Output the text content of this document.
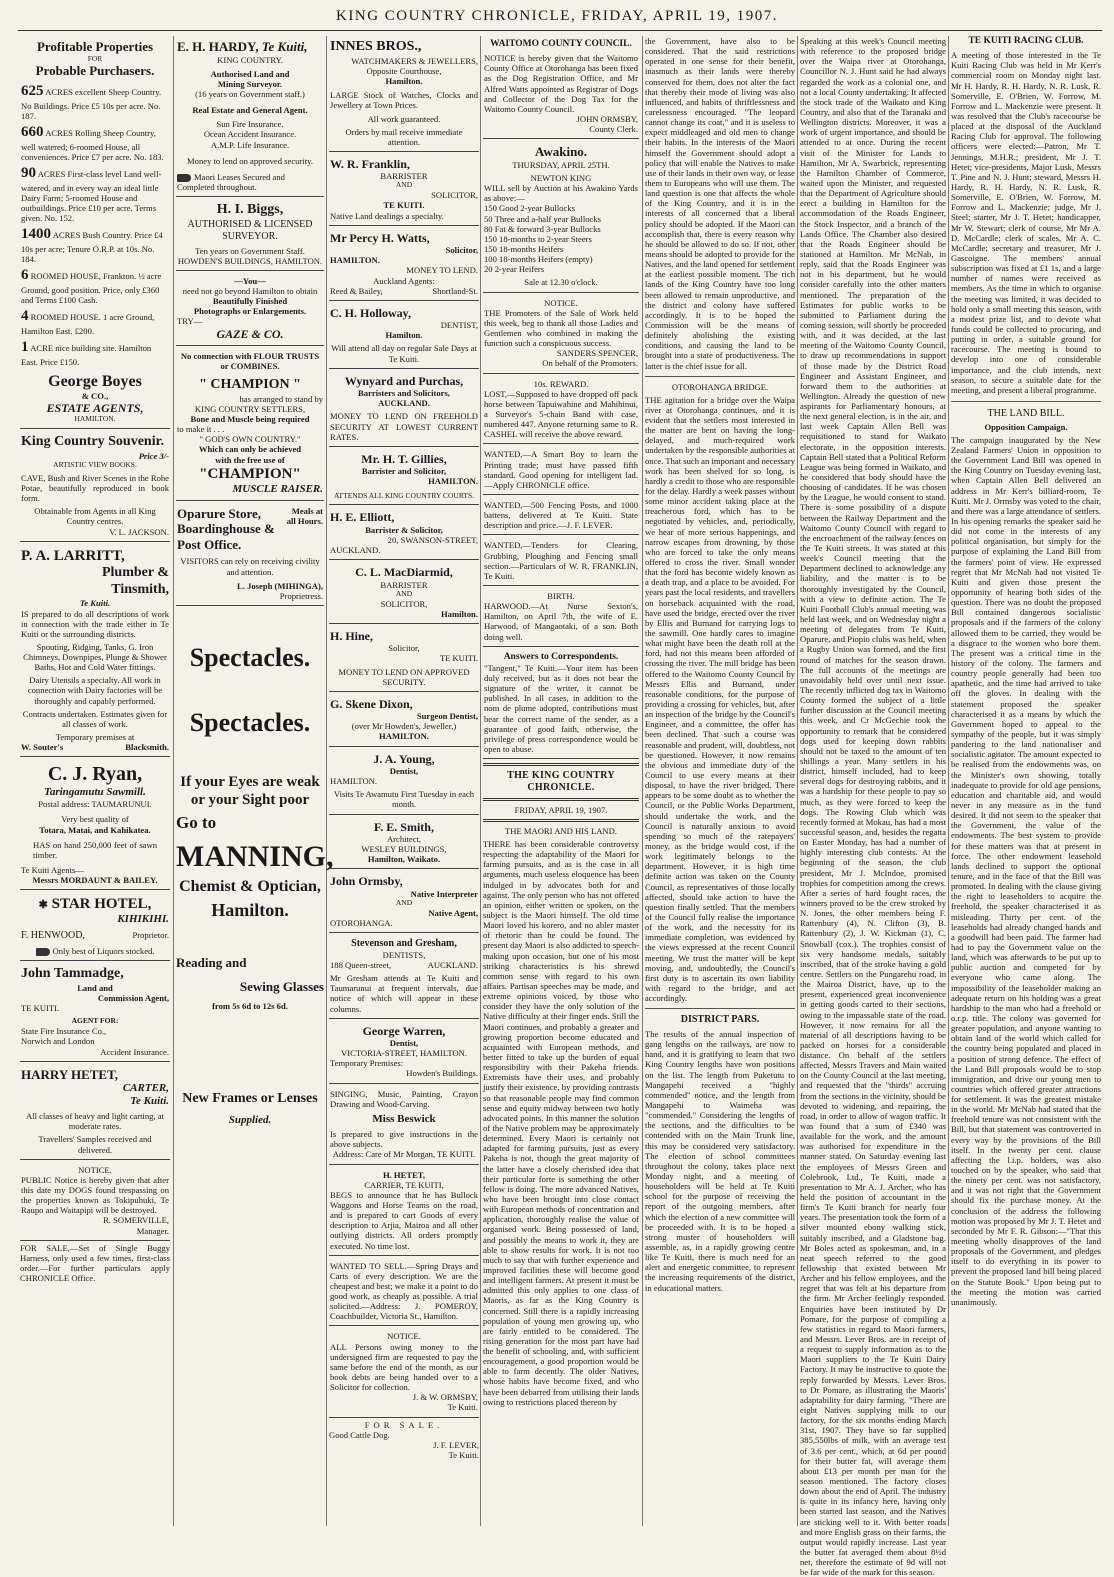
KING COUNTRY CHRONICLE, FRIDAY, APRIL 19, 1907.
Profitable Properties
FOR
Probable Purchasers.
625 ACRES excellent Sheep Country. No Buildings. Price £5 10s per acre. No. 187.
660 ACRES Rolling Sheep Country, well watered; 6-roomed House, all conveniences. Price £7 per acre. No. 183.
90 ACRES First-class level Land well-watered, and in every way an ideal little Dairy Farm; 5-roomed House and outbuildings. Price £10 per acre. Terms given. No. 152.
1400 ACRES Bush Country. Price £4 10s per acre; Tenure O.R.P. at 10s. No. 184.
6 ROOMED HOUSE, Frankton. ½ acre Ground, good position. Price, only £360 and Terms £100 Cash.
4 ROOMED HOUSE. 1 acre Ground, Hamilton East. £200.
1 ACRE nice building site. Hamilton East. Price £150.
George Boyes
& CO.,
ESTATE AGENTS,
HAMILTON.
King Country Souvenir.
Price 3/-
ARTISTIC VIEW BOOKS.
CAVE, Bush and River Scenes in the Rohe Potae, beautifully reproduced in book form.
Obtainable from Agents in all King Country centres.
V. L. JACKSON.
P. A. LARRITT,
Plumber &
Tinsmith,
Te Kuiti.
IS prepared to do all descriptions of work in connection with the trade either in Te Kuiti or the surrounding districts.
Spouting, Ridging, Tanks, G. Iron Chimneys, Downpipes, Plunge & Shower Baths, Hot and Cold Water fittings.
Dairy Utensils a specialty. All work in connection with Dairy factories will be thoroughly and capably performed.
Contracts undertaken. Estimates given for all classes of work.
Temporary premises at
W. Souter's	Blacksmith.
C. J. Ryan,
Taringamutu Sawmill.
Postal address: TAUMARUNUI.
Very best quality of
Totara, Matai, and Kahikatea.
HAS on hand 250,000 feet of sawn timber.
Te Kuiti Agents—
Messrs MORDAUNT & BAILEY.
✱ STAR HOTEL,
KIHIKIHI.
F. HENWOOD,	Proprietor.
Only best of Liquors stocked.
John Tammadge,
Land and
Commission Agent,
TE KUITI.
AGENT FOR:
State Fire Insurance Co.,
Norwich and London
Accident Insurance.
HARRY HETET,
CARTER,
Te Kuiti.
All classes of heavy and light carting, at moderate rates.
Travellers' Samples received and delivered.
NOTICE.
PUBLIC Notice is hereby given that after this date my DOGS found trespassing on the properties known as Tokipuhuki, Te Raupo and Waitapipi will be destroyed.
R. SOMERVILLE,
Manager.
FOR SALE,—Set of Single Buggy Harness, only used a few times, first-class order.—For further particulars apply CHRONICLE Office.
E. H. HARDY, Te Kuiti,
KING COUNTRY.
Authorised Land and
Mining Surveyor.
(16 years on Government staff.)
Real Estate and General Agent.
Sun Fire Insurance.
Ocean Accident Insurance.
A.M.P. Life Insurance.
Money to lend on approved security.
Maori Leases Secured and Completed throughout.
H. I. Biggs,
AUTHORISED & LICENSED SURVEYOR.
Ten years on Government Staff.
HOWDEN'S BUILDINGS, HAMILTON.
—You—
need not go beyond Hamilton to obtain
Beautifully Finished
Photographs or Enlargements.
TRY—
GAZE & CO.
No connection with FLOUR TRUSTS or COMBINES.
" CHAMPION "
has arranged to stand by
KING COUNTRY SETTLERS,
Bone and Muscle being required
to make it . . .
" GOD'S OWN COUNTRY."
Which can only be achieved
with the free use of
"CHAMPION"
MUSCLE RAISER.
Oparure Store, Boardinghouse & Post Office.
Meals at all Hours.
VISITORS can rely on receiving civility and attention.
L. Joseph (MIHINGA),
Proprietress.
Spectacles.
Spectacles.
If your Eyes are weak or your Sight poor
Go to
MANNING,
Chemist & Optician,
Hamilton.
Reading and
Sewing Glasses
from 5s 6d to 12s 6d.
New Frames or Lenses
Supplied.
INNES BROS.,
WATCHMAKERS & JEWELLERS,
Opposite Courthouse,
Hamilton.
LARGE Stock of Watches, Clocks and Jewellery at Town Prices.
All work guaranteed.
Orders by mail receive immediate attention.
W. R. Franklin,
BARRISTER
AND
SOLICITOR,
TE KUITI.
Native Land dealings a specialty.
Mr Percy H. Watts,
Solicitor,
HAMILTON.
MONEY TO LEND.
Auckland Agents:
Reed & Bailey,	Shortland-St.
C. H. Holloway,
DENTIST,
Hamilton.
Will attend all day on regular Sale Days at Te Kuiti.
Wynyard and Purchas,
Barristers and Solicitors,
AUCKLAND.
MONEY TO LEND ON FREEHOLD SECURITY AT LOWEST CURRENT RATES.
Mr. H. T. Gillies,
Barrister and Solicitor,
HAMILTON.
ATTENDS ALL KING COUNTRY COURTS.
H. E. Elliott,
Barrister & Solicitor,
20, SWANSON-STREET,
AUCKLAND.
C. L. MacDiarmid,
BARRISTER
AND
SOLICITOR,
Hamilton.
H. Hine,
Solicitor,
TE KUITI.
MONEY TO LEND ON APPROVED SECURITY.
G. Skene Dixon,
Surgeon Dentist,
(over Mr Howden's, Jeweller,)
HAMILTON.
J. A. Young,
Dentist,
HAMILTON.
Visits Te Awamutu First Tuesday in each month.
F. E. Smith,
Architect,
WESLEY BUILDINGS,
Hamilton, Waikato.
John Ormsby,
Native Interpreter
AND
Native Agent,
OTOROHANGA.
Stevenson and Gresham,
DENTISTS,
188 Queen-street,	AUCKLAND.
Mr Gresham attends at Te Kuiti and Taumarunui at frequent intervals, due notice of which will appear in these columns.
George Warren,
Dentist,
VICTORIA-STREET, HAMILTON.
Temporary Premises:
Howden's Buildings.
SINGING, Music, Painting, Crayon Drawing and Wood-Carving.
Miss Beswick
Is prepared to give instructions in the above subjects.
Address: Care of Mr Morgan, TE KUITI.
H. HETET,
CARRIER, TE KUITI,
BEGS to announce that he has Bullock Waggons and Horse Teams on the road, and is prepared to cart Goods of every description to Arjia, Mairoa and all other outlying districts. All orders promptly executed. No time lost.
WANTED TO SELL.—Spring Drays and Carts of every description. We are the cheapest and best; we make it a point to do good work, as cheaply as possible. A trial solicited.—Address: J. POMEROY, Coachbuilder, Victoria St., Hamilton.
NOTICE.
ALL Persons owing money to the undersigned firm are requested to pay the same before the end of the month, as our book debts are being handed over to a Solicitor for collection.
J. & W. ORMSBY,
Te Kuiti.
FOR SALE.
Good Cattle Dog.
J. F. LEVER,
Te Kuiti.
WAITOMO COUNTY COUNCIL.
NOTICE is hereby given that the Waitomo County Office at Otorohanga has been fixed as the Dog Registration Office, and Mr Alfred Watts appointed as Registrar of Dogs and Collector of the Dog Tax for the Waitomo County Council.
JOHN ORMSBY,
County Clerk.
Awakino.
THURSDAY, APRIL 25TH.
NEWTON KING
WILL sell by Auction at his Awakino Yards as above:—
150 Good 2-year Bullocks
50 Three and a-half year Bullocks
80 Fat & forward 3-year Bullocks
150 18-months to 2-year Steers
150 18-months Heifers
100 18-months Heifers (empty)
20 2-year Heifers
Sale at 12.30 o'clock.
NOTICE.
THE Promoters of the Sale of Work held this week, beg to thank all those Ladies and Gentlemen who combined in making the function such a conspicuous success.
SANDERS SPENCER,
On behalf of the Promoters.
10s. REWARD.
LOST,—Supposed to have dropped off pack horse between Tapuiwahine and Mahihinui, a Surveyor's 5-chain Band with case, numbered 447. Anyone returning same to R. CASHEL will receive the above reward.
WANTED,—A Smart Boy to learn the Printing trade; must have passed fifth standard. Good opening for intelligent lad.—Apply CHRONICLE office.
WANTED,—500 Fencing Posts, and 1000 battens, delivered at Te Kuiti. State description and price.—J. F. LEVER.
WANTED,—Tenders for Clearing, Grubbing, Ploughing and Fencing small section.—Particulars of W. R. FRANKLIN, Te Kuiti.
BIRTH.
HARWOOD.—At Nurse Sexton's, Hamilton, on April 7th, the wife of E. Harwood, of Mangaotaki, of a son. Both doing well.
Answers to Correspondents.
"Tangent," Te Kuiti.—Your item has been duly received, but as it does not bear the signature of the writer, it cannot be published. In all cases, in addition to the nom de plume adopted, contributions must bear the correct name of the sender, as a guarantee of good faith, otherwise, the privilege of press correspondence would be open to abuse.
THE KING COUNTRY CHRONICLE.
FRIDAY, APRIL 19, 1907.
THE MAORI AND HIS LAND.
THERE has been considerable controversy respecting the adaptability of the Maori for farming pursuits, and as is the case in all arguments, much useless eloquence has been indulged in by advocates both for and against. The only person who has not offered an opinion, either written or spoken, on the subject is the Maori himself. The old time Maori loved his korero, and no abler master of rhetoric than he could be found. The present day Maori is also addicted to speech-making upon occasion, but one of his most striking characteristics is his shrewd common sense with regard to his own affairs. Partisan speeches may be made, and extreme opinions voiced, by those who consider they have the only solution of the Native difficulty at their finger ends. Still the Maori continues, and probably a greater and growing proportion become educated and acquainted with European methods, and better fitted to take up the burden of equal responsibility with their Pakeha friends. Extremists have their uses, and probably justify their existence, by providing contrasts so that reasonable people may find common sense and equity midway between two hotly advocated points. In this manner the solution of the Native problem may be approximately determined. Every Maori is certainly not adapted for farming pursuits, just as every Pakeha is not, though the great majority of the latter have a closely cherished idea that their particular forte is something the other fellow is doing. The more advanced Natives, who have been brought into close contact with European methods of concentration and application, thoroughly realise the value of organised work. Being possessed of land, and possibly the means to work it, they are able to show results for work. It is not too much to say that with further experience and improved facilities these will become good and intelligent farmers. At present it must be admitted this only applies to one class of Maoris, as far as the King Country is concerned. Still there is a rapidly increasing population of young men growing up, who are fairly entitled to be considered. The rising generation for the most part have had the benefit of schooling, and, with sufficient encouragement, a good proportion would be able to farm decently. The older Natives, whose habits have become fixed, and who have been debarred from utilising their lands owing to restrictions placed thereon by
the Government, have also to be considered. That the said restrictions operated in one sense for their benefit, inasmuch as their lands were thereby conserved for them, does not alter the fact that thereby their mode of living was also influenced, and habits of thriftlessness and carelessness encouraged. "The leopard cannot change its coat," and it is useless to expect middleaged and old men to change their habits. In the interests of the Maori himself the Government should adopt a policy that will enable the Natives to make use of their lands in their own way, or lease them to Europeans who will use them. The land question is one that affects the whole of the King Country, and it is in the interests of all concerned that a liberal policy should be adopted. If the Maori can accomplish that, there is every reason why he should be allowed to do so. If not, other means should be adopted to provide for the Natives, and the land opened for settlement at the earliest possible moment. The rich lands of the King Country have too long been allowed to remain unproductive, and the district and colony have suffered accordingly. It is to be hoped the Commission will be the means of definitely abolishing the existing conditions, and causing the land to be brought into a state of productiveness. The latter is the chief issue for all.
OTOROHANGA BRIDGE.
THE agitation for a bridge over the Waipa river at Otorohanga continues, and it is evident that the settlers most interested in the matter are bent on having the long-delayed, and much-required work undertaken by the responsible authorities at once. That such an important and necessary work has been shelved for so long, is hardly a credit to those who are responsible for the delay. Hardly a week passes without some minor accident taking place at the treacherous ford, which has to be negotiated by vehicles, and, periodically, we hear of more serious happenings, and narrow escapes from drowning, by those who are forced to take the only means offered to cross the river. Small wonder that the ford has become widely known as a death trap, and a place to be avoided. For years past the local residents, and travellers on horseback acquainted with the road, have used the bridge, erected over the river by Ellis and Burnand for carrying logs to the sawmill. One hardly cares to imagine what might have been the death roll at the ford, had not this means been afforded of crossing the river. The mill bridge has been offered to the Waitomo County Council by Messrs Ellis and Burnand, under reasonable conditions, for the purpose of providing a crossing for vehicles, but, after an inspection of the bridge by the Council's Engineer, and a committee, the offer has been declined. That such a course was reasonable and prudent, will, doubtless, not be questioned. However, it now remains the obvious and immediate duty of the Council to use every means at their disposal, to have the river bridged. There appears to be some doubt as to whether the Council, or the Public Works Department, should undertake the work, and the Council is naturally anxious to avoid spending so much of the ratepayers' money, as the bridge would cost, if the work legitimately belongs to the department. However, it is high time definite action was taken on the County Council, as representatives of those locally affected, should take action to have the question finally settled. That the members of the Council fully realise the importance of the work, and the necessity for its immediate completion, was evidenced by the views expressed at the recent Council meeting. We trust the matter will be kept moving, and, undoubtedly, the Council's first duty is to ascertain its own liability with regard to the bridge, and act accordingly.
DISTRICT PARS.
The results of the annual inspection of gang lengths on the railways, are now to hand, and it is gratifying to learn that two King Country lengths have won positions on the list. The length from Puketutu to Mangapehi received a "highly commended" notice, and the length from Mangapehi to Waimeha was "commended." Considering the lengths of the sections, and the difficulties to be contended with on the Main Trunk line, this may be considered very satisfactory. The election of school committees throughout the colony, takes place next Monday night, and a meeting of householders will be held at Te Kuiti school for the purpose of receiving the report of the outgoing members, after which the election of a new committee will be proceeded with. It is to be hoped a strong muster of householders will assemble, as, in a rapidly growing centre like Te Kuiti, there is much need for an alert and energetic committee, to represent the increasing requirements of the district, in educational matters.
Speaking at this week's Council meeting with reference to the proposed bridge over the Waipa river at Otorohanga, Councillor N. J. Hunt said he had always regarded the work as a colonial one, and not a local County undertaking. It affected the stock trade of the Waikato and King Country, and also that of the Taranaki and Wellington districts. Moreover, it was a work of urgent importance, and should be attended to at once. During the recent visit of the Minister for Lands to Hamilton, Mr A. Swarbrick, representing the Hamilton Chamber of Commerce, waited upon the Minister, and requested that the Department of Agriculture should erect a building in Hamilton for the accommodation of the Roads Engineer, the Stock Inspector, and a branch of the Lands Office. The Chamber also desired that the Roads Engineer should be stationed at Hamilton. Mr McNab, in reply, said that the Roads Engineer was not in his department, but he would consider carefully into the other matters mentioned. The preparation of the Estimates for public works to be submitted to Parliament during the coming session, will shortly be proceeded with, and it was decided, at the last meeting of the Waitomo County Council, to draw up recommendations in support of those made by the District Road Engineer and Assistant Engineer, and forward them to the authorities at Wellington. Already the question of new aspirants for Parliamentary honours, at the next general election, is in the air, and last week Captain Allen Bell was requisitioned to stand for Waikato electorate, in the opposition interests. Captain Bell stated that a Political Reform League was being formed in Waikato, and he considered that body should have the choosing of candidates. If he was chosen by the League, he would consent to stand. There is some possibility of a dispute between the Railway Department and the Waitomo County Council with regard to the encroachment of the railway fences on the Te Kuiti streets. It was stated at this week's Council meeting that the Department declined to acknowledge any liability, and the matter is to be thoroughly investigated by the Council, with a view to definite action. The Te Kuiti Football Club's annual meeting was held last week, and on Wednesday night a meeting of delegates from Te Kuiti, Oparure, and Piopio clubs was held, when a Rugby Union was formed, and the first round of matches for the season drawn. The full accounts of the meetings are unavoidably held over until next issue. The recently inflicted dog tax in Waitomo County formed the subject of a little further discussion at the Council meeting this week, and Cr McGechie took the opportunity to remark that he considered dogs used for keeping down rabbits should not be taxed to the amount of ten shillings a year. Many settlers in his district, himself included, had to keep several dogs for destroying rabbits, and it was a hardship for these people to pay so much, as they were forced to keep the dogs. The Rowing Club which was recently formed at Mokau, has had a most successful season, and, besides the regatta on Easter Monday, has had a number of highly interesting club contests. At the beginning of the season, the club president, Mr J. McIndoe, promised trophies for competition among the crews. After a series of hard fought races, the winners proved to be the crew stroked by N. Jones, the other members being F. Rattenbury (4), N. Clifton (3), B. Rattenbury (2), J. W. Kickman (1), C. Snowball (cox.). The trophies consist of six very handsome medals, suitably inscribed, that of the stroke having a gold centre. Settlers on the Pungarehu road, in the Mairoa District, have, up to the present, experienced great inconvenience in getting goods carted to their sections, owing to the impassable state of the road. However, it now remains for all the material of all descriptions having to be packed on horses for a considerable distance. On behalf of the settlers affected, Messrs Travers and Main waited on the County Council at the last meeting, and requested that the "thirds" accruing from the sections in the vicinity, should be devoted to widening, and repairing, the road, in order to allow of wagon traffic. It was found that a sum of £340 was available for the work, and the amount was authorised for expenditure in the manner stated. On Saturday evening last the employees of Messrs Green and Colebrook, Ltd., Te Kuiti, made a presentation to Mr A. J. Archer, who has held the position of accountant in the firm's Te Kuiti branch for nearly four years. The presentation took the form of a silver mounted ebony walking stick, suitably inscribed, and a Gladstone bag. Mr Boles acted as spokesman, and, in a neat speech referred to the good fellowship that existed between Mr Archer and his fellow employees, and the regret that was felt at his departure from the firm. Mr Archer feelingly responded. Enquiries have been instituted by Dr Pomare, for the purpose of compiling a few statistics in regard to Maori farmers, and Messrs. Lever Bros. are in receipt of a request to supply information as to the Maori suppliers to the Te Kuiti Dairy Factory. It may be instructive to quote the reply forwarded by Messrs. Lever Bros. to Dr Pomare, as illustrating the Maoris' adaptability for dairy farming. "There are eight Natives supplying milk to our factory, for the six months ending March 31st, 1907. They have so far supplied 385,550lbs of milk, with an average test of 3.6 per cent., which, at 6d per pound for their butter fat, will average them about £13 per month per man for the season mentioned. The factory closes down about the end of April. The industry is quite in its infancy here, having only been started last season, and the Natives are sticking well to it. With better roads and more English grass on their farms, the output would rapidly increase. Last year the butter fat averaged them about 8½d net, therefore the estimate of 9d will not be far wide of the mark for this season.
TE KUITI RACING CLUB.
A meeting of those interested in the Te Kuiti Racing Club was held in Mr Kerr's commercial room on Monday night last. Mr H. Hardy, R. H. Hardy, N. R. Lusk, R. Somerville, E. O'Brien, W. Forrow, M. Forrow and L. Mackenzie were present. It was resolved that the Club's racecourse be placed at the disposal of the Auckland Racing Club for approval. The following officers were elected:—Patron, Mr T. Jennings, M.H.R.; president, Mr J. T. Hetet; vice-presidents, Major Lusk, Messrs T. Pine and N. J. Hunt; steward, Messrs H. Hardy, R. H. Hardy, N. R. Lusk, R. Somerville, E. O'Brien, W. Forrow, M. Forrow and L. Mackenzie; judge, Mr J. Steel; starter, Mr J. T. Hetet; handicapper, Mr W. Stewart; clerk of course, Mr Mr A. D. McCardle; clerk of scales, Mr A. C. McCardle; secretary and treasurer, Mr J. Gascoigne. The members' annual subscription was fixed at £1 1s, and a large number of names were received as members. As the time in which to organise the meeting was limited, it was decided to hold only a small meeting this season, with a modest prize list, and to devote what funds could be collected to procuring, and putting in order, a suitable ground for racecourse. The meeting is bound to develop into one of considerable importance, and the club intends, next season, to secure a suitable date for the meeting, and present a liberal programme.
THE LAND BILL.
Opposition Campaign.
The campaign inaugurated by the New Zealand Farmers' Union in opposition to the Government Land Bill was opened in the King Country on Tuesday evening last, when Captain Allen Bell delivered an address in Mr Kerr's billiard-room, Te Kuiti. Mr J. Ormsby was voted to the chair, and there was a large attendance of settlers. In his opening remarks the speaker said he did not come in the interests of any political organisation, but simply for the purpose of explaining the Land Bill from the farmers' point of view. He expressed regret that Mr McNab had not visited Te Kuiti and given those present the opportunity of hearing both sides of the question. There was no doubt the proposed Bill contained dangerous socialistic proposals and if the farmers of the colony allowed them to be carried, they would be a disgrace to the women who bore them. The present was a critical time in the history of the colony. The farmers and country people generally had been too apathetic, and the time had arrived to take off the gloves. In dealing with the statement proposed the speaker characterised it as a means by which the Government hoped to appeal to the sympathy of the people, but it was simply pandering to the land nationaliser and socialistic agitator. The amount expected to be realised from the endowments was, on the Minister's own showing, totally inadequate to provide for old age pensions, education and charitable aid, and would never in any measure as in the fund desired. It did not seem to the speaker that the Government, the value of the endowments. The best system to provide for these matters was that at present in force. The other endowment leasehold lands declined to support the optional tenure, and in the face of that the Bill was promoted. In dealing with the clause giving the right to leaseholders to acquire the freehold, the speaker characterised it as misleading. Thirty per cent. of the leaseholds had already changed hands and a goodwill had been paid. The farmer had had to pay the Government value on the land, which was afterwards to be put up to public auction and competed for by everyone who came along. The impossibility of the leaseholder making an adequate return on his holding was a great hardship to the man who had a freehold or o.r.p. title. The colony was governed for greater population, and anyone wanting to obtain land of the world which called for the country being populated and placed in a position of strong defence. The effect of the Land Bill proposals would be to stop immigration, and drive our young men to countries which offered greater attractions for settlement. It was the greatest mistake in the world. Mr McNab had stated that the freehold tenure was not consistent with the Bill, but that statement was controverted in every way by the provisions of the Bill itself. In the twenty per cent. clause affecting the l.i.p. holders, was also touched on by the speaker, who said that the ninety per cent. was not satisfactory, and it was not right that the Government should fix the purchase money. At the conclusion of the address the following motion was proposed by Mr J. T. Hetet and seconded by Mr F. R. Gibson:—"That this meeting wholly disapproves of the land proposals of the Government, and pledges itself to do everything in its power to prevent the proposed land bill being placed on the Statute Book." Upon being put to the meeting the motion was carried unanimously.
